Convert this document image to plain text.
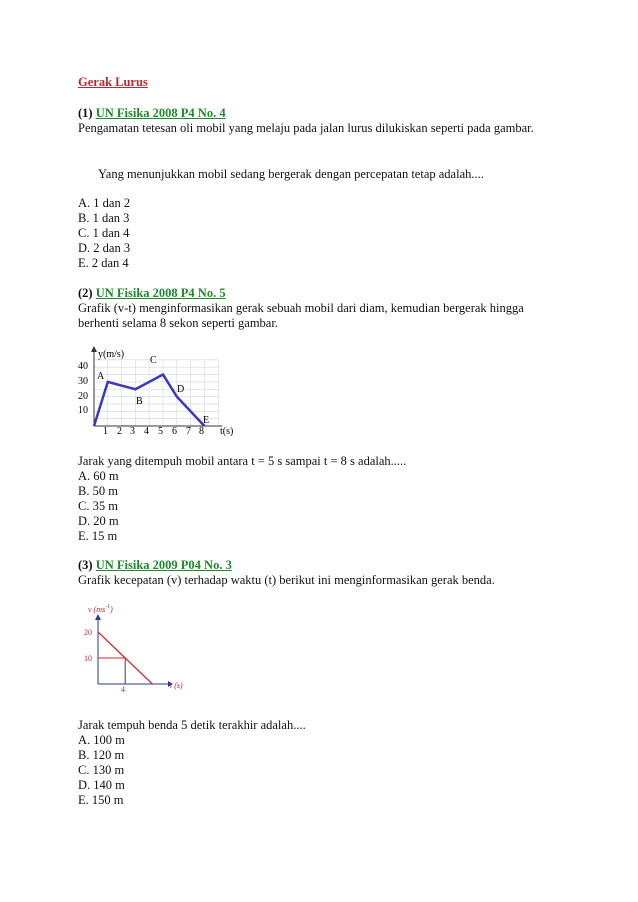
Gerak Lurus
(1) UN Fisika 2008 P4 No. 4
Pengamatan tetesan oli mobil yang melaju pada jalan lurus dilukiskan seperti pada gambar.
Yang menunjukkan mobil sedang bergerak dengan percepatan tetap adalah....
A. 1 dan 2
B. 1 dan 3
C. 1 dan 4
D. 2 dan 3
E. 2 dan 4
(2) UN Fisika 2008 P4 No. 5
Grafik (v-t) menginformasikan gerak sebuah mobil dari diam, kemudian bergerak hingga
berhenti selama 8 sekon seperti gambar.
y(m/s)
t(s)
40
30
20
10
1 2 3 4 5 6 7 8
A
B
C
D
E
Jarak yang ditempuh mobil antara t = 5 s sampai t = 8 s adalah.....
A. 60 m
B. 50 m
C. 35 m
D. 20 m
E. 15 m
(3) UN Fisika 2009 P04 No. 3
Grafik kecepatan (v) terhadap waktu (t) berikut ini menginformasikan gerak benda.
v $(ms^{-1})$
t (s)
20
10
4
Jarak tempuh benda 5 detik terakhir adalah....
A. 100 m
B. 120 m
C. 130 m
D. 140 m
E. 150 m
